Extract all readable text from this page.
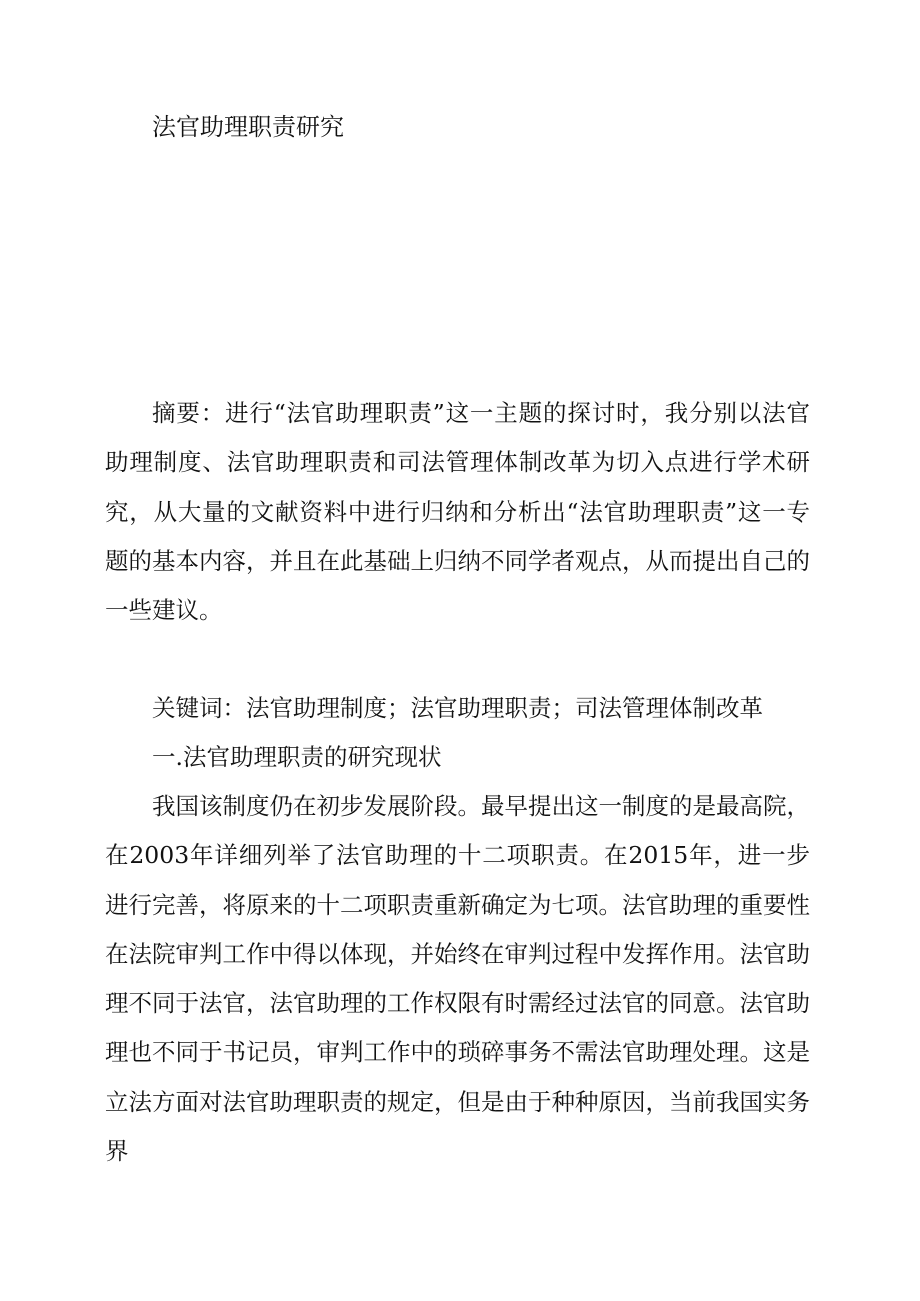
法官助理职责研究

摘要：进行“法官助理职责”这一主题的探讨时，我分别以法官助理制度、法官助理职责和司法管理体制改革为切入点进行学术研究，从大量的文献资料中进行归纳和分析出“法官助理职责”这一专题的基本内容，并且在此基础上归纳不同学者观点，从而提出自己的一些建议。

关键词：法官助理制度；法官助理职责；司法管理体制改革

一.法官助理职责的研究现状

我国该制度仍在初步发展阶段。最早提出这一制度的是最高院，在2003年详细列举了法官助理的十二项职责。在2015年，进一步进行完善，将原来的十二项职责重新确定为七项。法官助理的重要性在法院审判工作中得以体现，并始终在审判过程中发挥作用。法官助理不同于法官，法官助理的工作权限有时需经过法官的同意。法官助理也不同于书记员，审判工作中的琐碎事务不需法官助理处理。这是立法方面对法官助理职责的规定，但是由于种种原因，当前我国实务界
